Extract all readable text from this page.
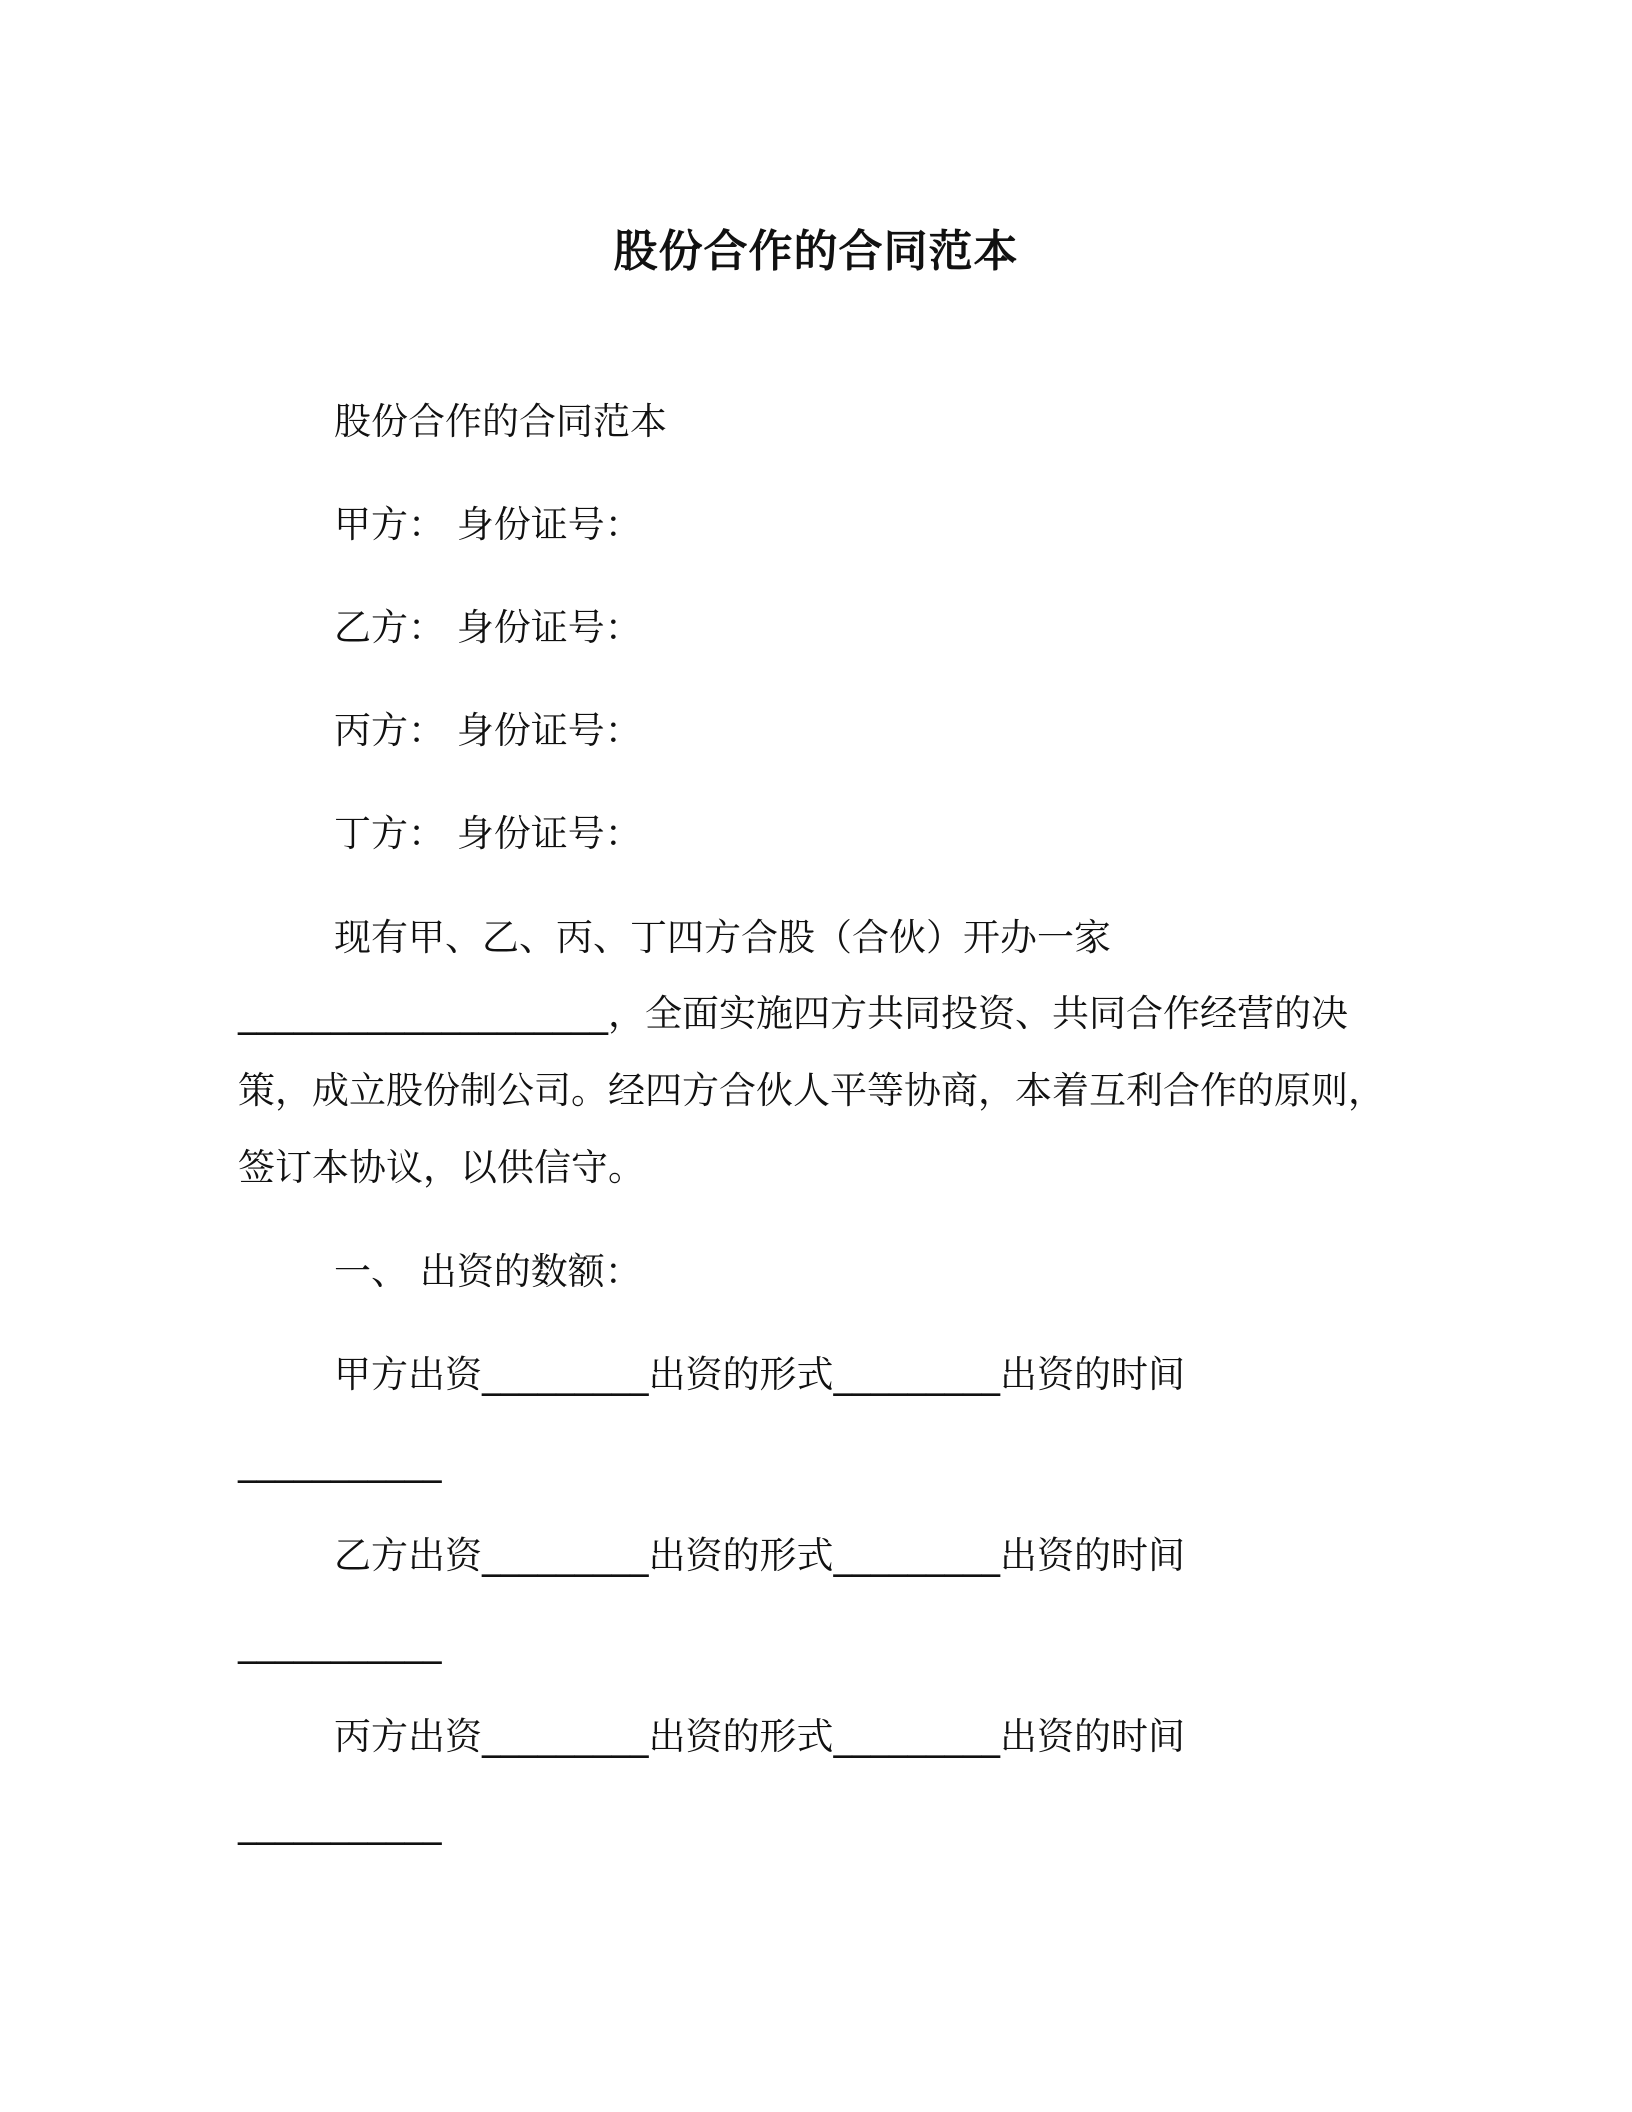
股份合作的合同范本

股份合作的合同范本

甲方： 身份证号：

乙方： 身份证号：

丙方： 身份证号：

丁方： 身份证号：

现有甲、乙、丙、丁四方合股（合伙）开办一家

____________________，全面实施四方共同投资、共同合作经营的决

策，成立股份制公司。经四方合伙人平等协商，本着互利合作的原则，

签订本协议，以供信守。

一、 出资的数额：

甲方出资_________出资的形式_________出资的时间

___________

乙方出资_________出资的形式_________出资的时间

___________

丙方出资_________出资的形式_________出资的时间

___________
